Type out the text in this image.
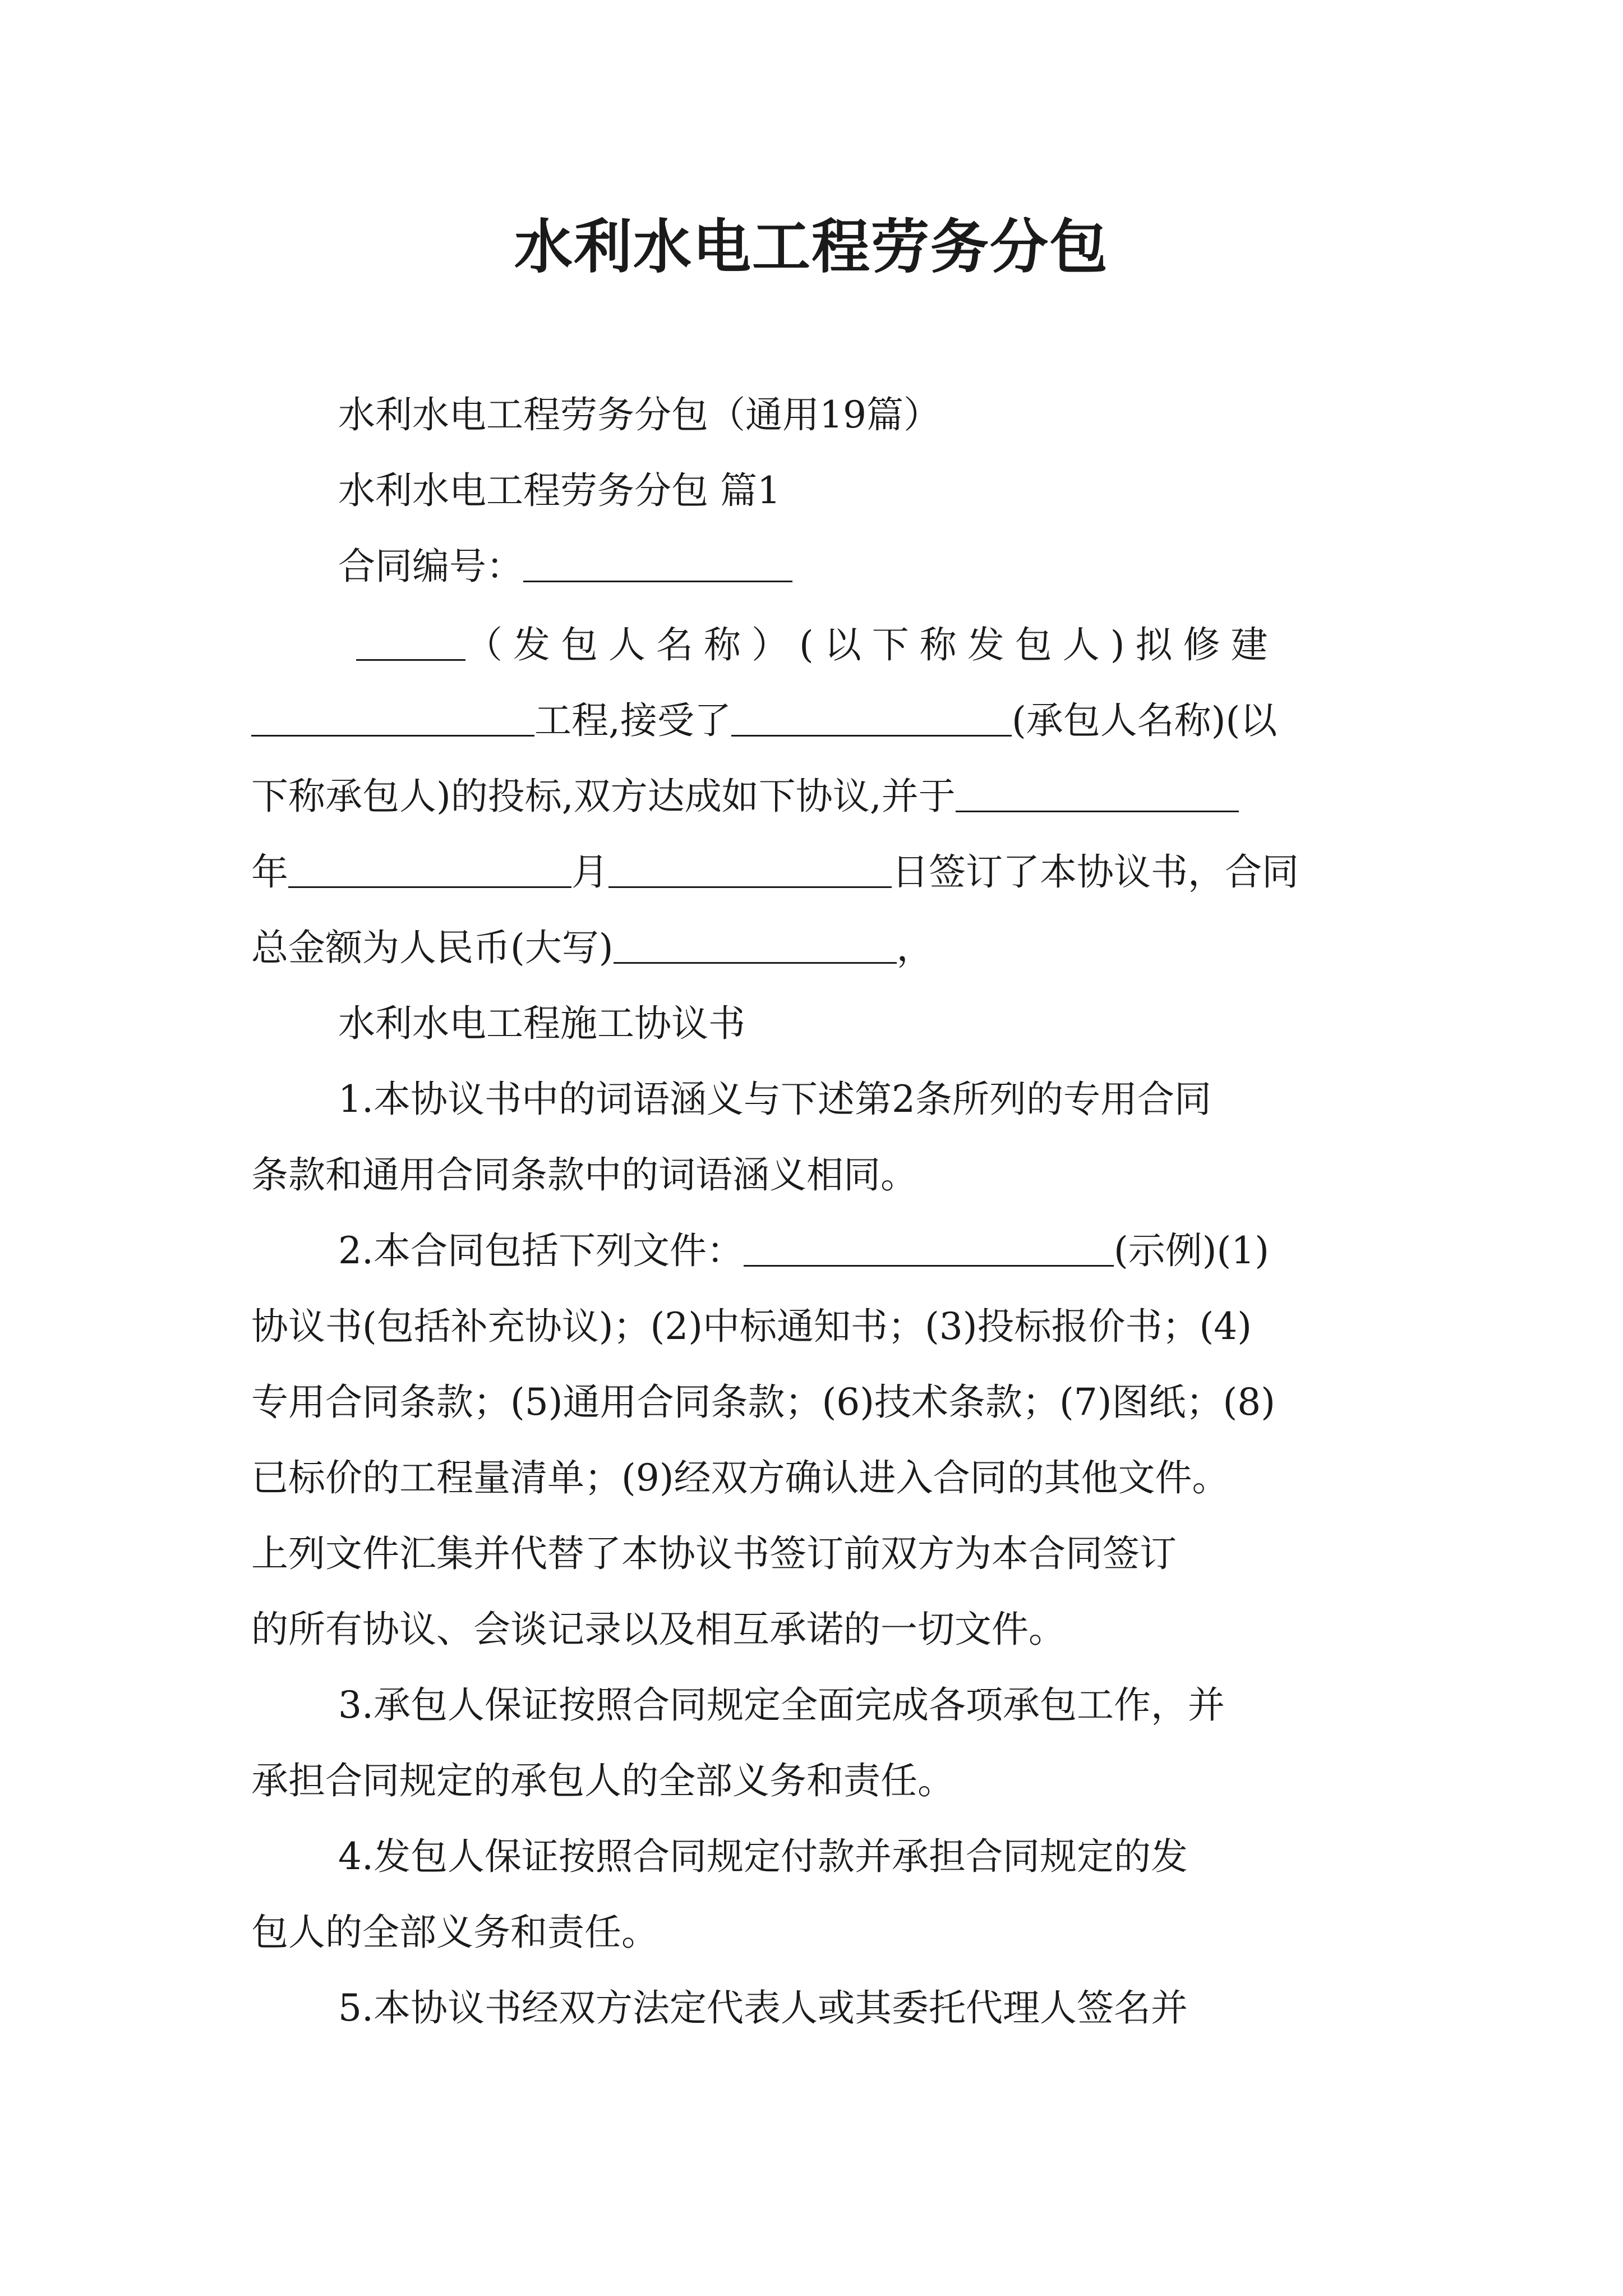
水利水电工程劳务分包
水利水电工程劳务分包（通用19篇）
水利水电工程劳务分包 篇1
合同编号：
（发包人名称）(以下称发包人)拟修建
工程,接受了	(承包人名称)(以
下称承包人)的投标,双方达成如下协议,并于
年	月	日签订了本协议书，合同
总金额为人民币(大写)	，
水利水电工程施工协议书
1.本协议书中的词语涵义与下述第2条所列的专用合同
条款和通用合同条款中的词语涵义相同。
2.本合同包括下列文件：	(示例)(1)
协议书(包括补充协议)；(2)中标通知书；(3)投标报价书；(4)
专用合同条款；(5)通用合同条款；(6)技术条款；(7)图纸；(8)
已标价的工程量清单；(9)经双方确认进入合同的其他文件。
上列文件汇集并代替了本协议书签订前双方为本合同签订
的所有协议、会谈记录以及相互承诺的一切文件。
3.承包人保证按照合同规定全面完成各项承包工作，并
承担合同规定的承包人的全部义务和责任。
4.发包人保证按照合同规定付款并承担合同规定的发
包人的全部义务和责任。
5.本协议书经双方法定代表人或其委托代理人签名并
